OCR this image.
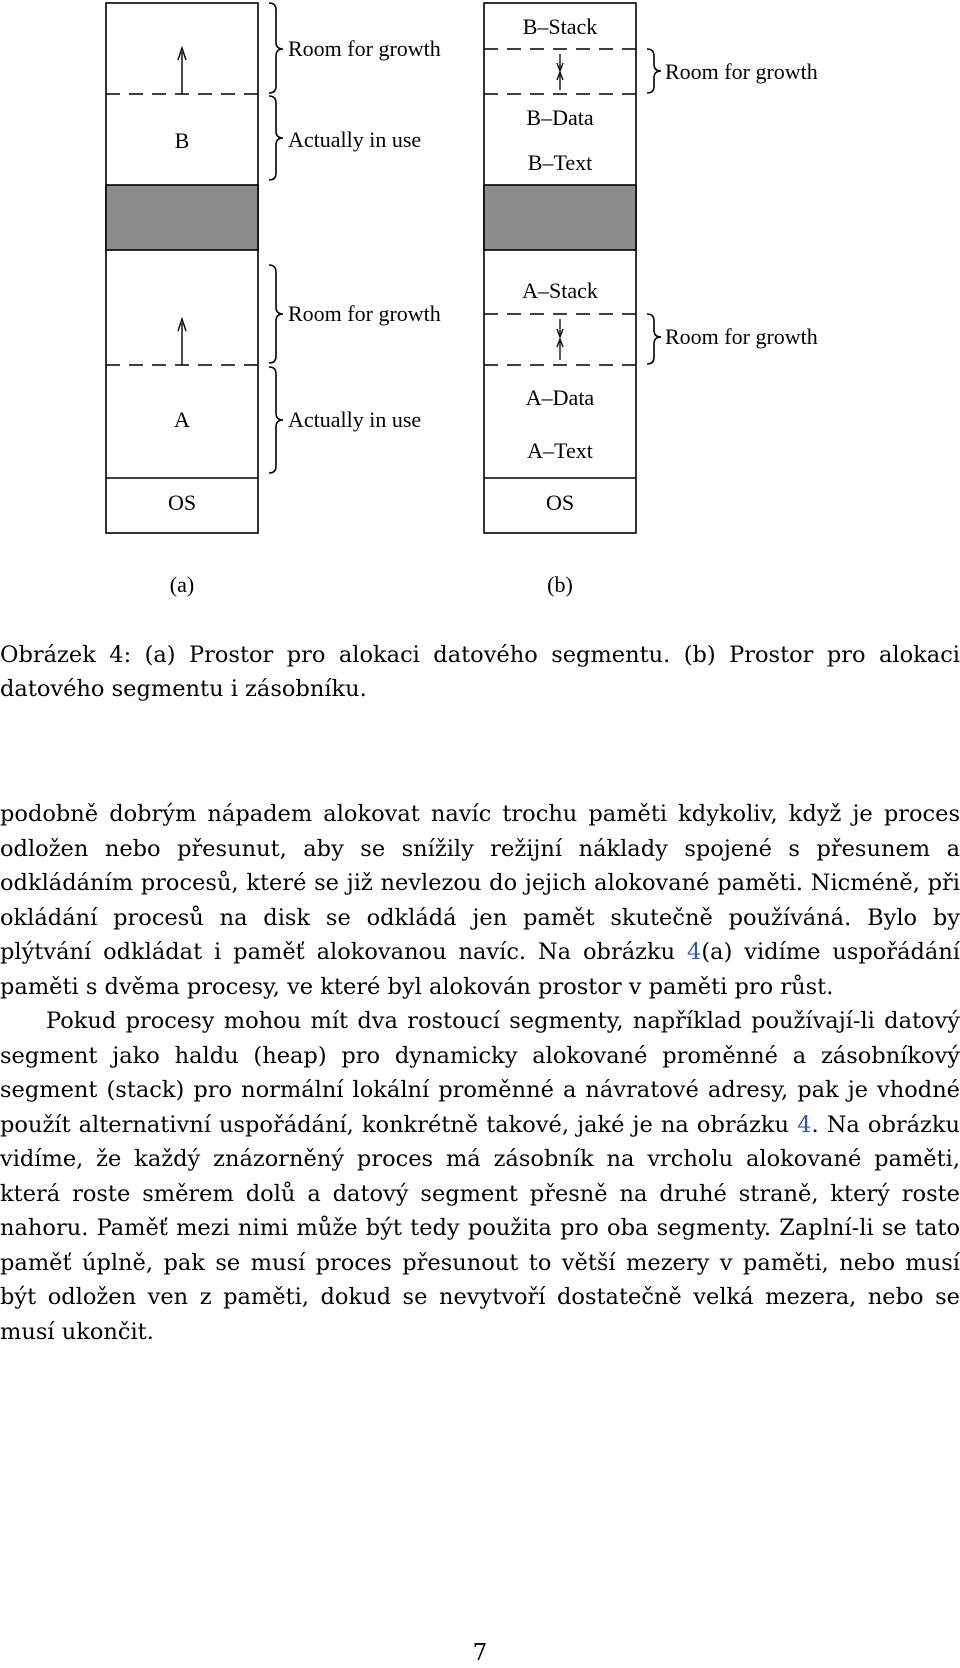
B
A
OS
Room for growth
Actually in use
Room for growth
Actually in use
(a)
B–Stack
B–Data
B–Text
A–Stack
A–Data
A–Text
OS
Room for growth
Room for growth
(b)

Obrázek 4: (a) Prostor pro alokaci datového segmentu. (b) Prostor pro alokaci datového segmentu i zásobníku.

podobně dobrým nápadem alokovat navíc trochu paměti kdykoliv, když je proces odložen nebo přesunut, aby se snížily režijní náklady spojené s přesunem a odkládáním procesů, které se již nevlezou do jejich alokované paměti. Nicméně, při okládání procesů na disk se odkládá jen pamět skutečně používáná. Bylo by plýtvání odkládat i paměť alokovanou navíc. Na obrázku 4(a) vidíme uspořádání paměti s dvěma procesy, ve které byl alokován prostor v paměti pro růst.

Pokud procesy mohou mít dva rostoucí segmenty, například používají-li datový segment jako haldu (heap) pro dynamicky alokované proměnné a zásobníkový segment (stack) pro normální lokální proměnné a návratové adresy, pak je vhodné použít alternativní uspořádání, konkrétně takové, jaké je na obrázku 4. Na obrázku vidíme, že každý znázorněný proces má zásobník na vrcholu alokované paměti, která roste směrem dolů a datový segment přesně na druhé straně, který roste nahoru. Paměť mezi nimi může být tedy použita pro oba segmenty. Zaplní-li se tato paměť úplně, pak se musí proces přesunout to větší mezery v paměti, nebo musí být odložen ven z paměti, dokud se nevytvoří dostatečně velká mezera, nebo se musí ukončit.

7
